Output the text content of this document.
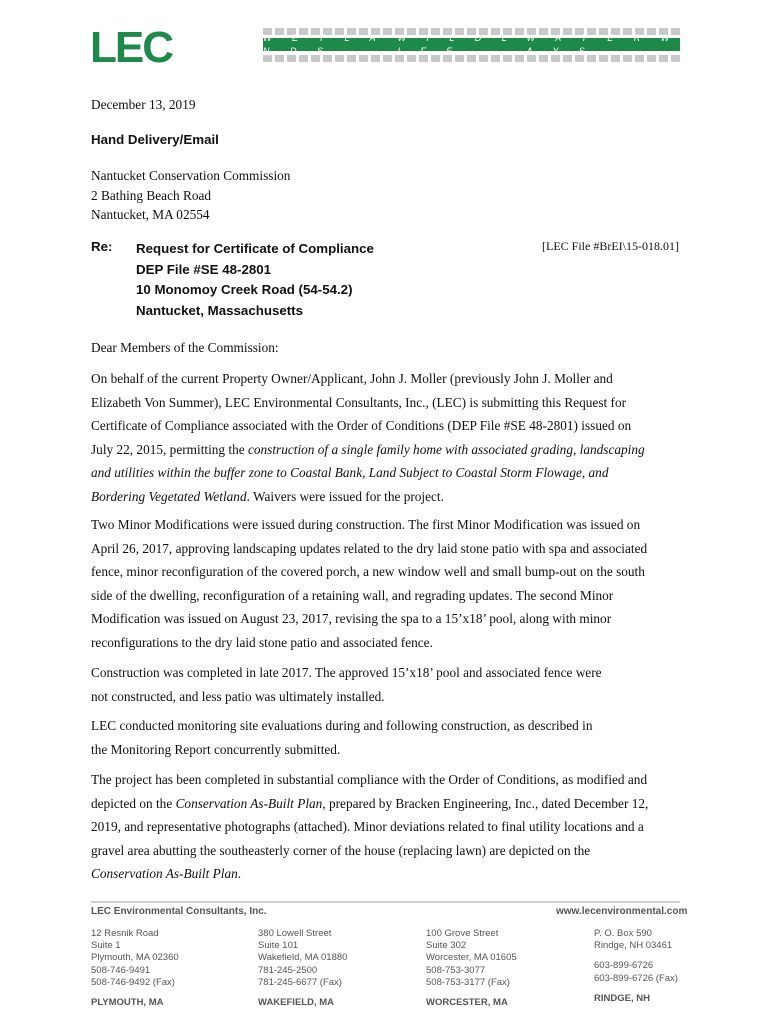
LEC	W E T L A N D S
W I L D L I F E
W A T E R W A Y S
December 13, 2019
Hand Delivery/Email
Nantucket Conservation Commission
2 Bathing Beach Road
Nantucket, MA 02554
Re: Request for Certificate of Compliance
DEP File #SE 48-2801
10 Monomoy Creek Road (54-54.2)
Nantucket, Massachusetts
[LEC File #BrEI\15-018.01]
Dear Members of the Commission:
On behalf of the current Property Owner/Applicant, John J. Moller (previously John J. Moller and
Elizabeth Von Summer), LEC Environmental Consultants, Inc., (LEC) is submitting this Request for
Certificate of Compliance associated with the Order of Conditions (DEP File #SE 48-2801) issued on
July 22, 2015, permitting the construction of a single family home with associated grading, landscaping
and utilities within the buffer zone to Coastal Bank, Land Subject to Coastal Storm Flowage, and
Bordering Vegetated Wetland. Waivers were issued for the project.
Two Minor Modifications were issued during construction. The first Minor Modification was issued on
April 26, 2017, approving landscaping updates related to the dry laid stone patio with spa and associated
fence, minor reconfiguration of the covered porch, a new window well and small bump-out on the south
side of the dwelling, reconfiguration of a retaining wall, and regrading updates. The second Minor
Modification was issued on August 23, 2017, revising the spa to a 15’x18’ pool, along with minor
reconfigurations to the dry laid stone patio and associated fence.
Construction was completed in late 2017. The approved 15’x18’ pool and associated fence were
not constructed, and less patio was ultimately installed.
LEC conducted monitoring site evaluations during and following construction, as described in
the Monitoring Report concurrently submitted.
The project has been completed in substantial compliance with the Order of Conditions, as modified and
depicted on the Conservation As-Built Plan, prepared by Bracken Engineering, Inc., dated December 12,
2019, and representative photographs (attached). Minor deviations related to final utility locations and a
gravel area abutting the southeasterly corner of the house (replacing lawn) are depicted on the
Conservation As-Built Plan.
LEC Environmental Consultants, Inc.	www.lecenvironmental.com
12 Resnik Road
Suite 1
Plymouth, MA 02360
508-746-9491
508-746-9492 (Fax)
PLYMOUTH, MA
380 Lowell Street
Suite 101
Wakefield, MA 01880
781-245-2500
781-245-6677 (Fax)
WAKEFIELD, MA
100 Grove Street
Suite 302
Worcester, MA 01605
508-753-3077
508-753-3177 (Fax)
WORCESTER, MA
P. O. Box 590
Rindge, NH 03461
603-899-6726
603-899-6726 (Fax)
RINDGE, NH
